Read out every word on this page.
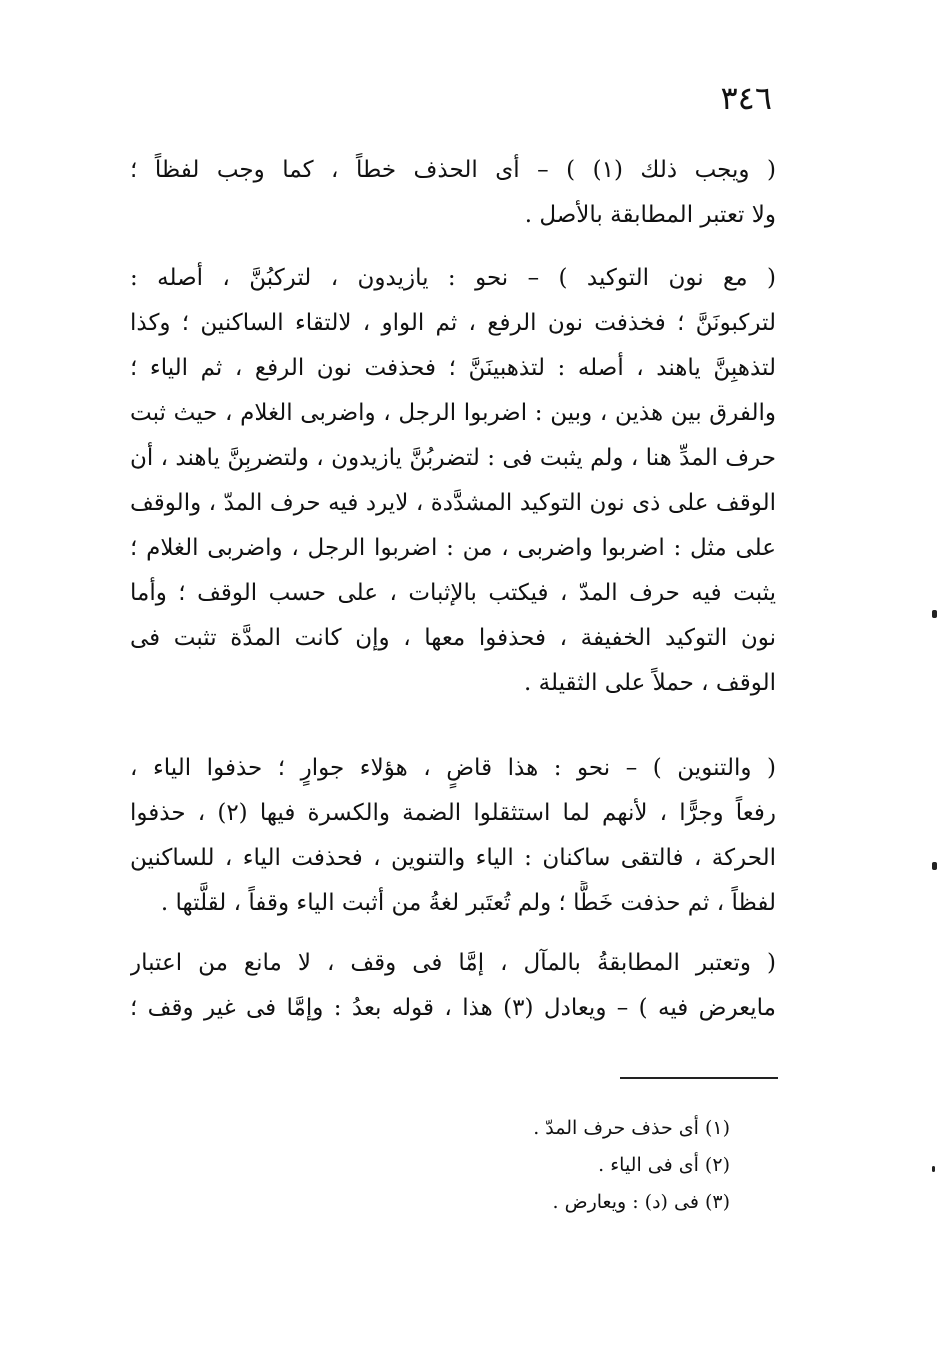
٣٤٦
( ويجب ذلك (١) ) – أى الحذف خطاً ، كما وجب لفظاً ؛
ولا تعتبر المطابقة بالأصل .
( مع نون التوكيد ) – نحو : يازيدون ، لتركبُنَّ ، أصله :
لتركبونَنَّ ؛ فخذفت نون الرفع ، ثم الواو ، لالتقاء الساكنين ؛ وكذا
لتذهبِنَّ ياهند ، أصله : لتذهبينَنَّ ؛ فحذفت نون الرفع ، ثم الياء ؛
والفرق بين هذين ، وبين : اضربوا الرجل ، واضربى الغلام ، حيث ثبت
حرف المدِّ هنا ، ولم يثبت فى : لتضربُنَّ يازيدون ، ولتضربِنَّ ياهند ، أن
الوقف على ذى نون التوكيد المشدَّدة ، لايرد فيه حرف المدّ ، والوقف
على مثل : اضربوا واضربى ، من : اضربوا الرجل ، واضربى الغلام ؛
يثبت فيه حرف المدّ ، فيكتب بالإثبات ، على حسب الوقف ؛ وأما
نون التوكيد الخفيفة ، فحذفوا معها ، وإن كانت المدَّة تثبت فى
الوقف ، حملاً على الثقيلة .
( والتنوين ) – نحو : هذا قاضٍ ، هؤلاء جوارٍ ؛ حذفوا الياء ،
رفعاً وجرًّا ، لأنهم لما استثقلوا الضمة والكسرة فيها (٢) ، حذفوا
الحركة ، فالتقى ساكنان : الياء والتنوين ، فحذفت الياء ، للساكنين
لفظاً ، ثم حذفت خَطًّا ؛ ولم تُعتَبر لغةُ من أثبت الياء وقفاً ، لقلَّتها .
( وتعتبر المطابقةُ بالمآل ، إمَّا فى وقف ، لا مانع من اعتبار
مايعرض فيه ) – ويعادل (٣) هذا ، قوله بعدُ : وإمَّا فى غير وقف ؛
(١) أى حذف حرف المدّ .
(٢) أى فى الياء .
(٣) فى (د) : ويعارض .
